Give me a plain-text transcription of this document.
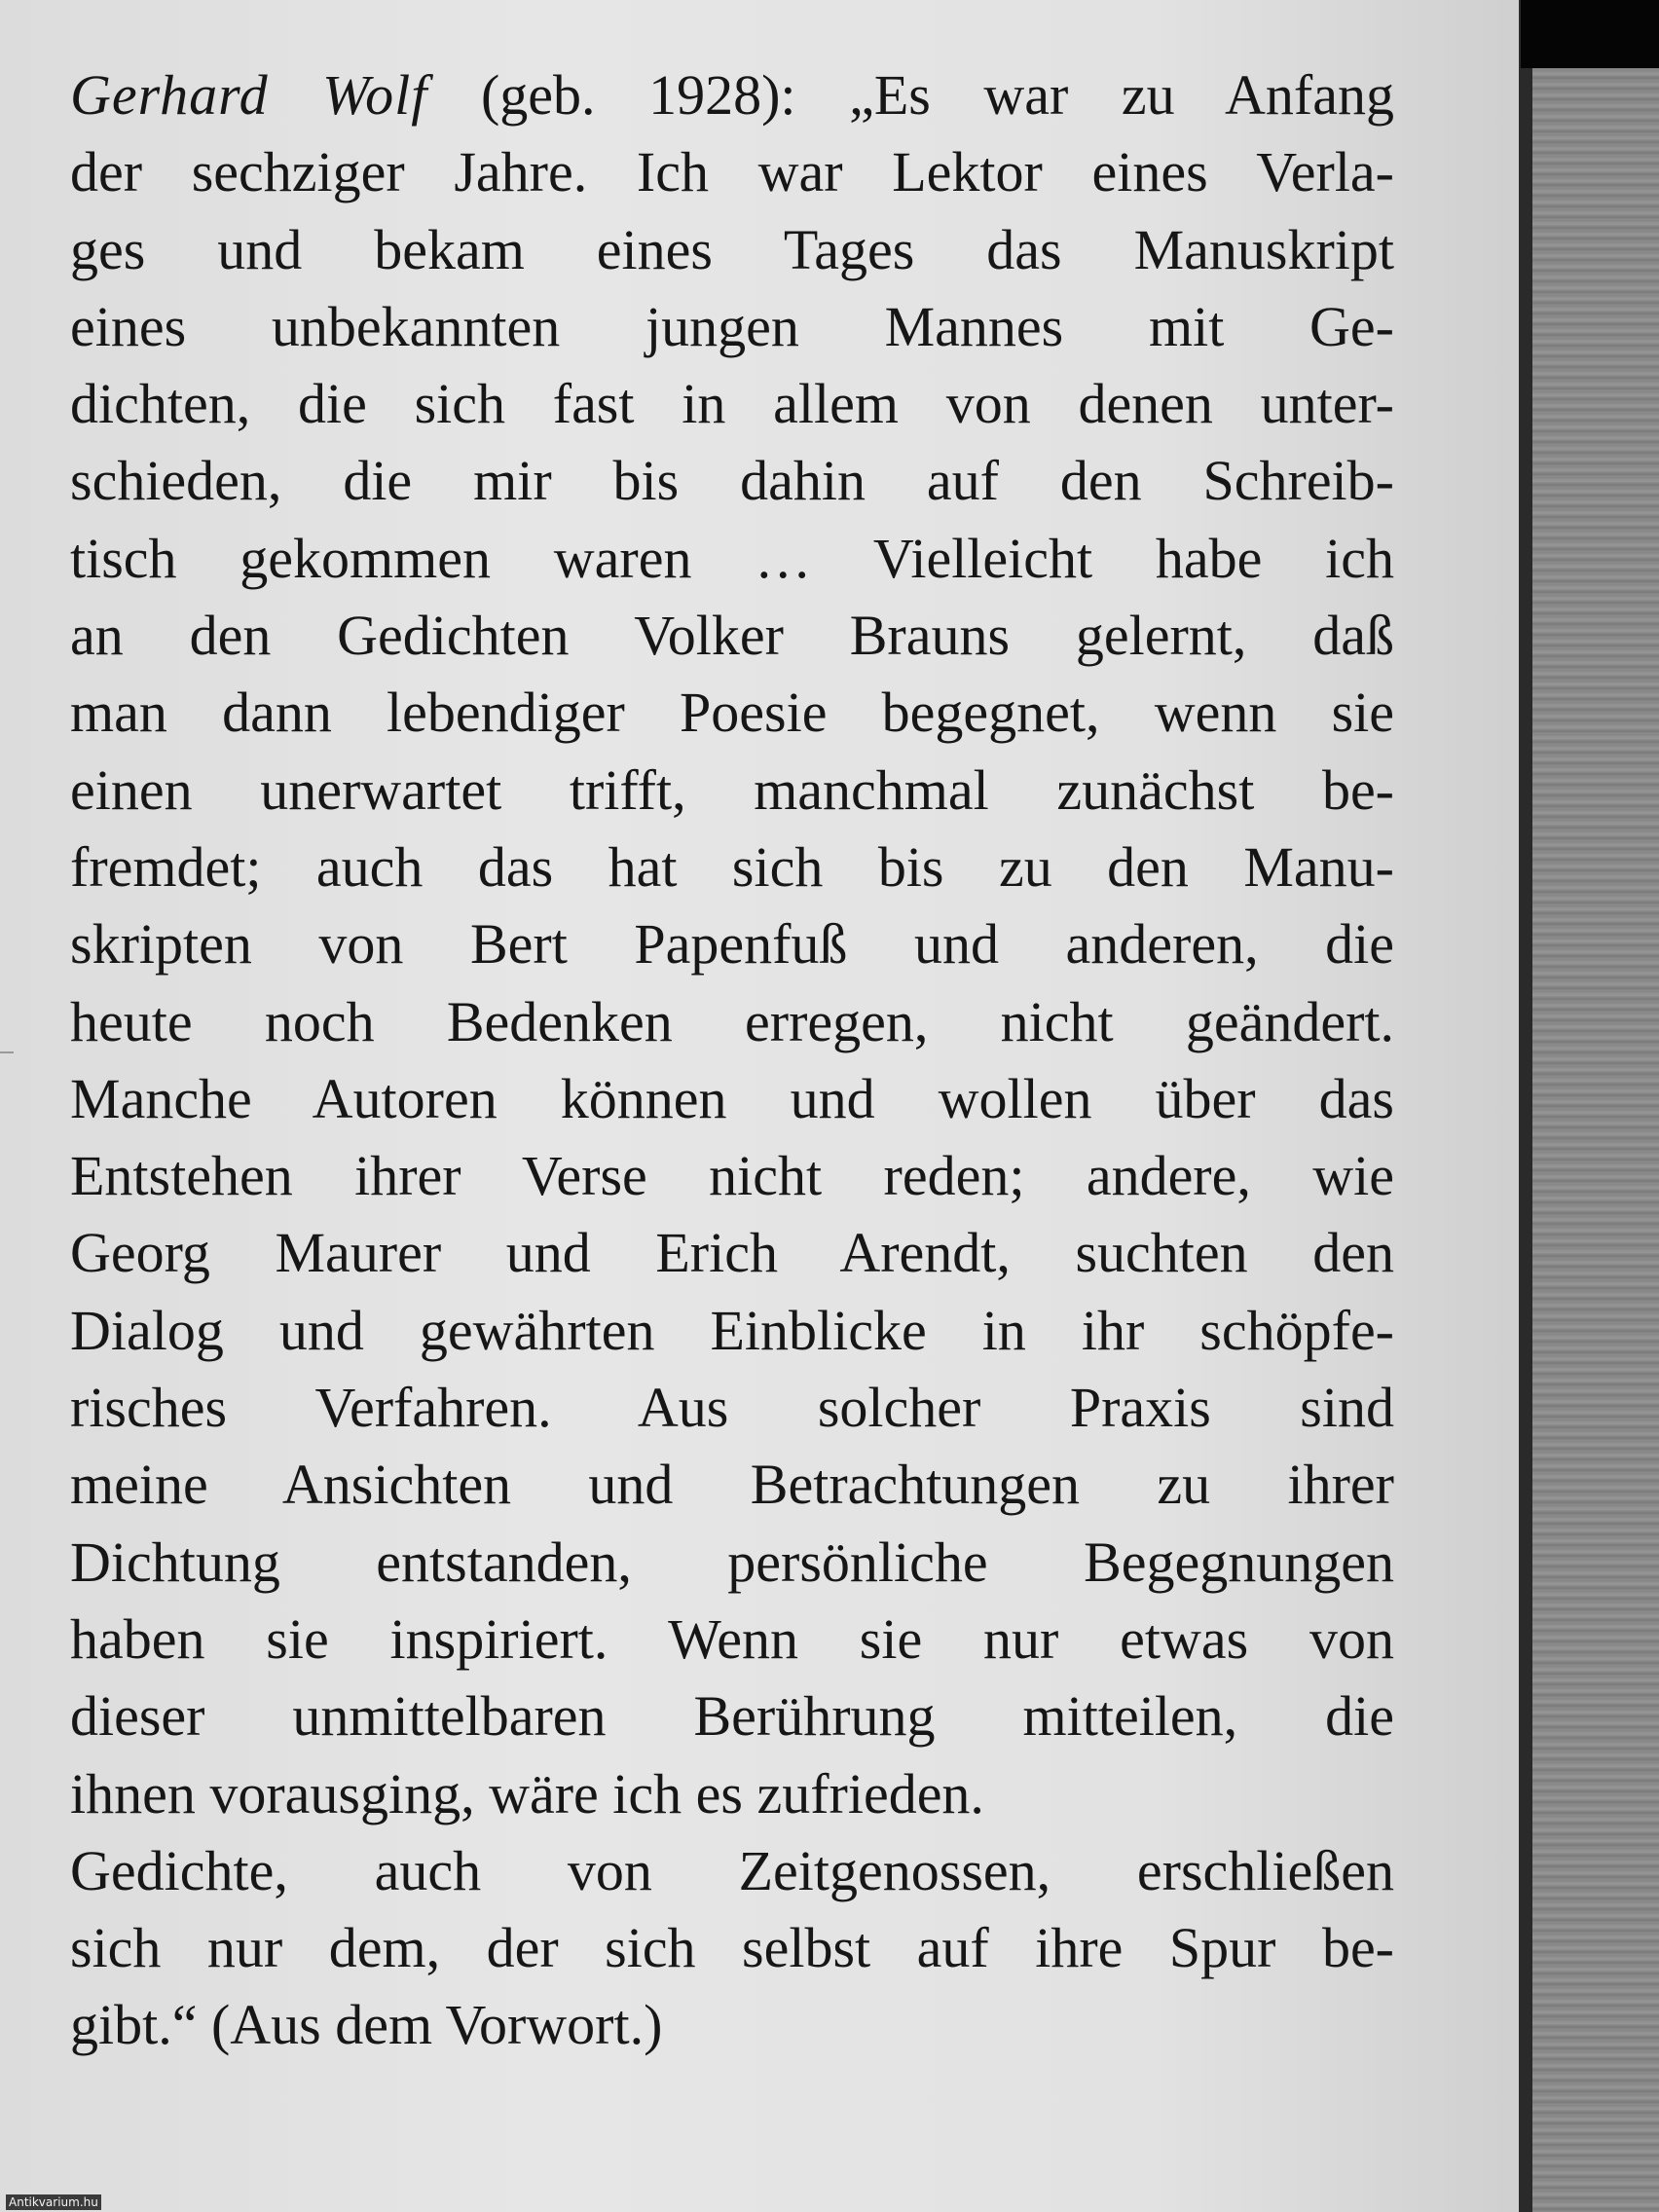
Gerhard Wolf (geb. 1928): „Es war zu Anfang
der sechziger Jahre. Ich war Lektor eines Verla-
ges und bekam eines Tages das Manuskript
eines unbekannten jungen Mannes mit Ge-
dichten, die sich fast in allem von denen unter-
schieden, die mir bis dahin auf den Schreib-
tisch gekommen waren … Vielleicht habe ich
an den Gedichten Volker Brauns gelernt, daß
man dann lebendiger Poesie begegnet, wenn sie
einen unerwartet trifft, manchmal zunächst be-
fremdet; auch das hat sich bis zu den Manu-
skripten von Bert Papenfuß und anderen, die
heute noch Bedenken erregen, nicht geändert.
Manche Autoren können und wollen über das
Entstehen ihrer Verse nicht reden; andere, wie
Georg Maurer und Erich Arendt, suchten den
Dialog und gewährten Einblicke in ihr schöpfe-
risches Verfahren. Aus solcher Praxis sind
meine Ansichten und Betrachtungen zu ihrer
Dichtung entstanden, persönliche Begegnungen
haben sie inspiriert. Wenn sie nur etwas von
dieser unmittelbaren Berührung mitteilen, die
ihnen vorausging, wäre ich es zufrieden.
Gedichte, auch von Zeitgenossen, erschließen
sich nur dem, der sich selbst auf ihre Spur be-
gibt.“ (Aus dem Vorwort.)
Antikvarium.hu
